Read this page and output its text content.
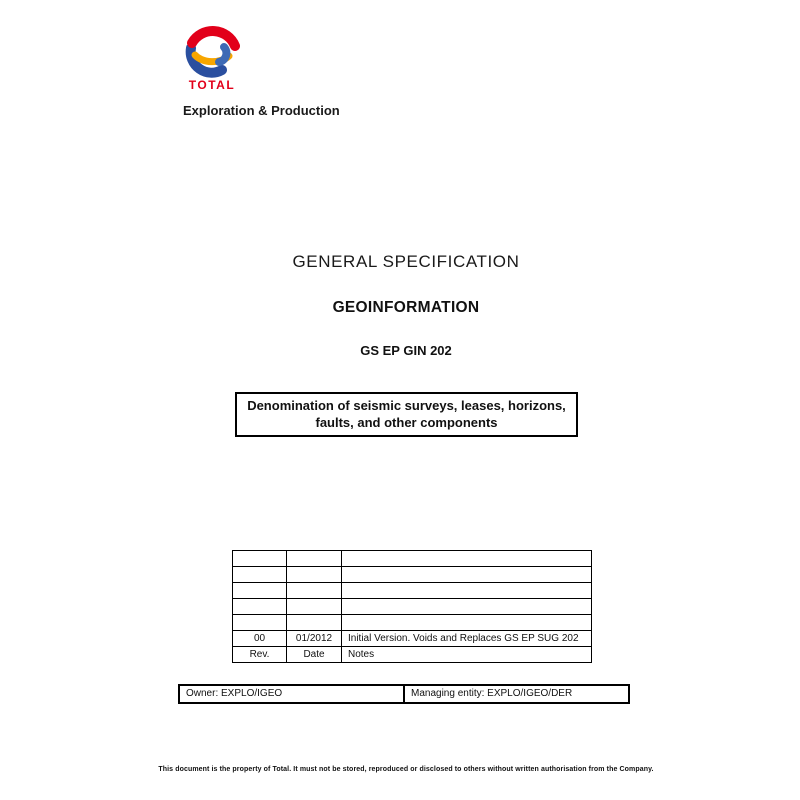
TOTAL
Exploration & Production
GENERAL SPECIFICATION
GEOINFORMATION
GS EP GIN 202
Denomination of seismic surveys, leases, horizons,
faults, and other components

00	01/2012	Initial Version. Voids and Replaces GS EP SUG 202
Rev.	Date	Notes
Owner: EXPLO/IGEO	Managing entity: EXPLO/IGEO/DER
This document is the property of Total. It must not be stored, reproduced or disclosed to others without written authorisation from the Company.
